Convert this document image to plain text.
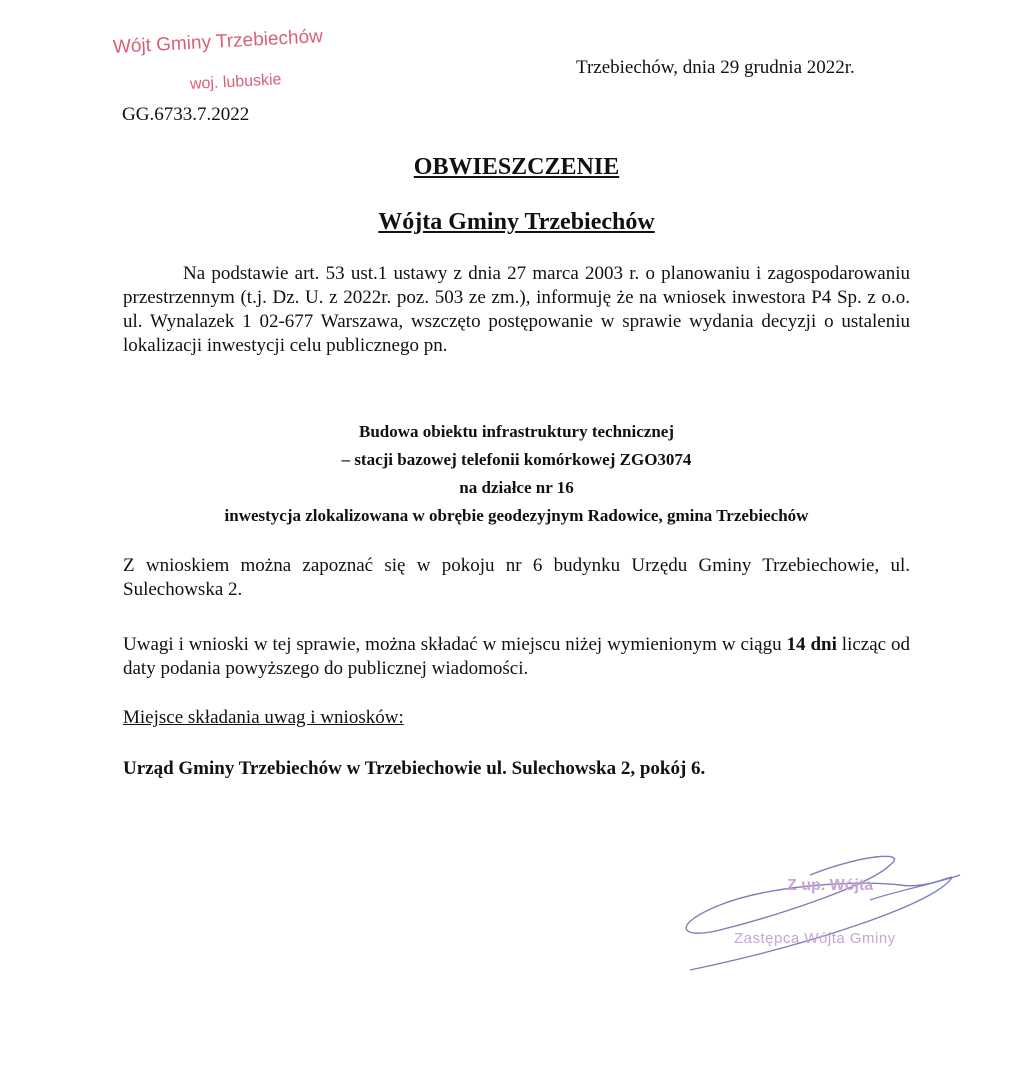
Wójt Gminy Trzebiechów
woj. lubuskie
GG.6733.7.2022
Trzebiechów, dnia 29 grudnia 2022r.
OBWIESZCZENIE
Wójta Gminy Trzebiechów

Na podstawie art. 53 ust.1 ustawy z dnia 27 marca 2003 r. o planowaniu i zagospodarowaniu przestrzennym (t.j. Dz. U. z 2022r. poz. 503 ze zm.), informuję że na wniosek inwestora P4 Sp. z o.o. ul. Wynalazek 1 02-677 Warszawa, wszczęto postępowanie w sprawie wydania decyzji o ustaleniu lokalizacji inwestycji celu publicznego pn.

Budowa obiektu infrastruktury technicznej
– stacji bazowej telefonii komórkowej ZGO3074
na działce nr 16
inwestycja zlokalizowana w obrębie geodezyjnym Radowice, gmina Trzebiechów

Z wnioskiem można zapoznać się w pokoju nr 6 budynku Urzędu Gminy Trzebiechowie, ul. Sulechowska 2.

Uwagi i wnioski w tej sprawie, można składać w miejscu niżej wymienionym w ciągu 14 dni licząc od daty podania powyższego do publicznej wiadomości.

Miejsce składania uwag i wniosków:
Urząd Gminy Trzebiechów w Trzebiechowie ul. Sulechowska 2, pokój 6.
Z up. Wójta
Zastępca Wójta Gminy
